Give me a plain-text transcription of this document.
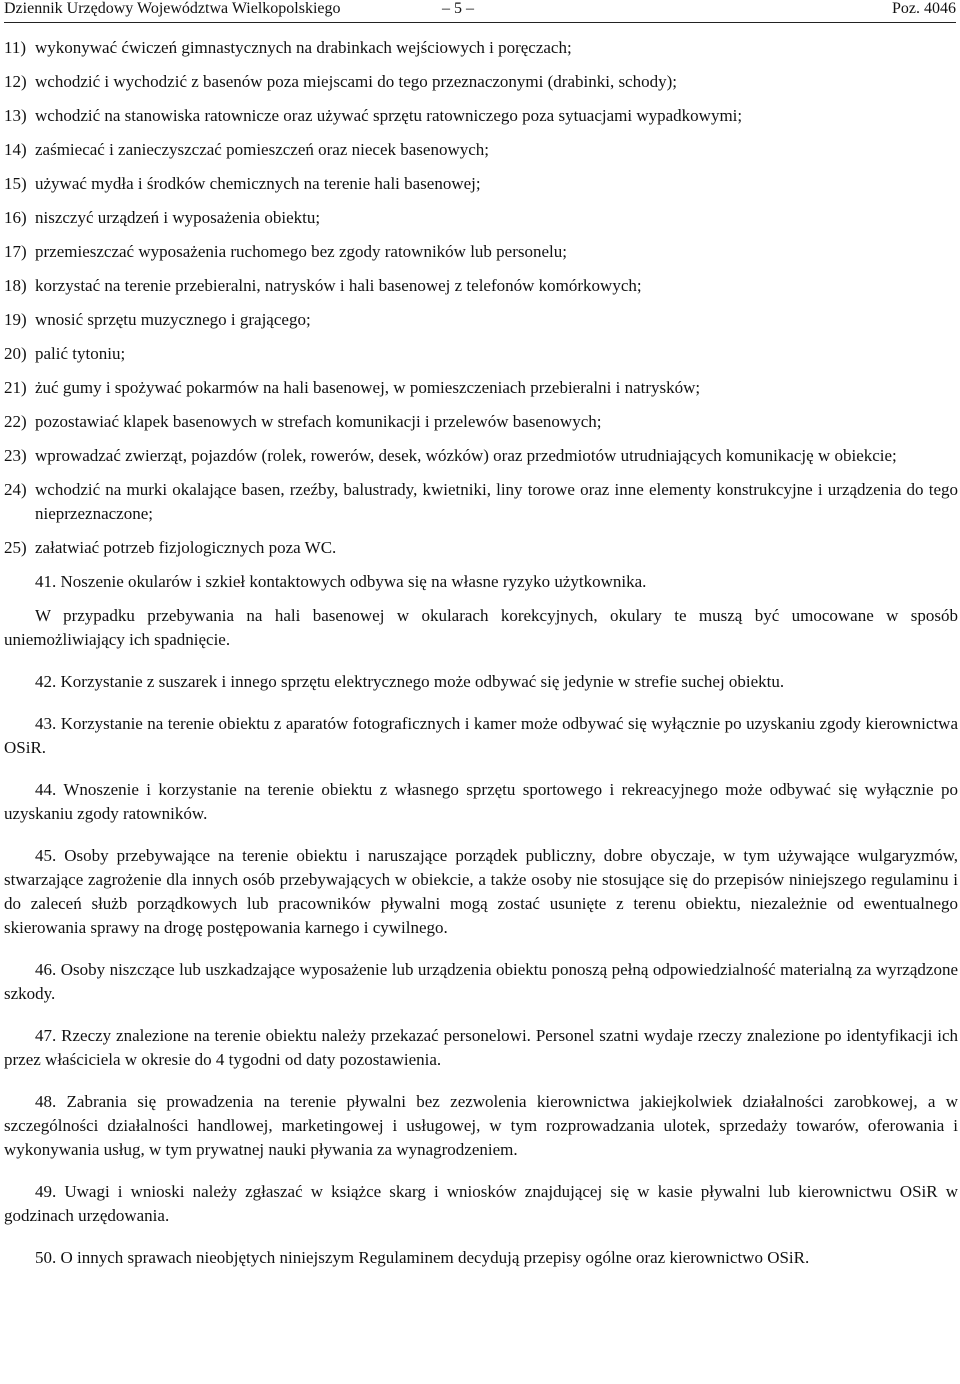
Dziennik Urzędowy Województwa Wielkopolskiego	– 5 –	Poz. 4046
11) wykonywać ćwiczeń gimnastycznych na drabinkach wejściowych i poręczach;
12) wchodzić i wychodzić z basenów poza miejscami do tego przeznaczonymi (drabinki, schody);
13) wchodzić na stanowiska ratownicze oraz używać sprzętu ratowniczego poza sytuacjami wypadkowymi;
14) zaśmiecać i zanieczyszczać pomieszczeń oraz niecek basenowych;
15) używać mydła i środków chemicznych na terenie hali basenowej;
16) niszczyć urządzeń i wyposażenia obiektu;
17) przemieszczać wyposażenia ruchomego bez zgody ratowników lub personelu;
18) korzystać na terenie przebieralni, natrysków i hali basenowej z telefonów komórkowych;
19) wnosić sprzętu muzycznego i grającego;
20) palić tytoniu;
21) żuć gumy i spożywać pokarmów na hali basenowej, w pomieszczeniach przebieralni i natrysków;
22) pozostawiać klapek basenowych w strefach komunikacji i przelewów basenowych;
23) wprowadzać zwierząt, pojazdów (rolek, rowerów, desek, wózków) oraz przedmiotów utrudniających komunikację w obiekcie;
24) wchodzić na murki okalające basen, rzeźby, balustrady, kwietniki, liny torowe oraz inne elementy konstrukcyjne i urządzenia do tego nieprzeznaczone;
25) załatwiać potrzeb fizjologicznych poza WC.

41. Noszenie okularów i szkieł kontaktowych odbywa się na własne ryzyko użytkownika.

W przypadku przebywania na hali basenowej w okularach korekcyjnych, okulary te muszą być umocowane w sposób uniemożliwiający ich spadnięcie.

42. Korzystanie z suszarek i innego sprzętu elektrycznego może odbywać się jedynie w strefie suchej obiektu.

43. Korzystanie na terenie obiektu z aparatów fotograficznych i kamer może odbywać się wyłącznie po uzyskaniu zgody kierownictwa OSiR.

44. Wnoszenie i korzystanie na terenie obiektu z własnego sprzętu sportowego i rekreacyjnego może odbywać się wyłącznie po uzyskaniu zgody ratowników.

45. Osoby przebywające na terenie obiektu i naruszające porządek publiczny, dobre obyczaje, w tym używające wulgaryzmów, stwarzające zagrożenie dla innych osób przebywających w obiekcie, a także osoby nie stosujące się do przepisów niniejszego regulaminu i do zaleceń służb porządkowych lub pracowników pływalni mogą zostać usunięte z terenu obiektu, niezależnie od ewentualnego skierowania sprawy na drogę postępowania karnego i cywilnego.

46. Osoby niszczące lub uszkadzające wyposażenie lub urządzenia obiektu ponoszą pełną odpowiedzialność materialną za wyrządzone szkody.

47. Rzeczy znalezione na terenie obiektu należy przekazać personelowi. Personel szatni wydaje rzeczy znalezione po identyfikacji ich przez właściciela w okresie do 4 tygodni od daty pozostawienia.

48. Zabrania się prowadzenia na terenie pływalni bez zezwolenia kierownictwa jakiejkolwiek działalności zarobkowej, a w szczególności działalności handlowej, marketingowej i usługowej, w tym rozprowadzania ulotek, sprzedaży towarów, oferowania i wykonywania usług, w tym prywatnej nauki pływania za wynagrodzeniem.

49. Uwagi i wnioski należy zgłaszać w książce skarg i wniosków znajdującej się w kasie pływalni lub kierownictwu OSiR w godzinach urzędowania.

50. O innych sprawach nieobjętych niniejszym Regulaminem decydują przepisy ogólne oraz kierownictwo OSiR.
